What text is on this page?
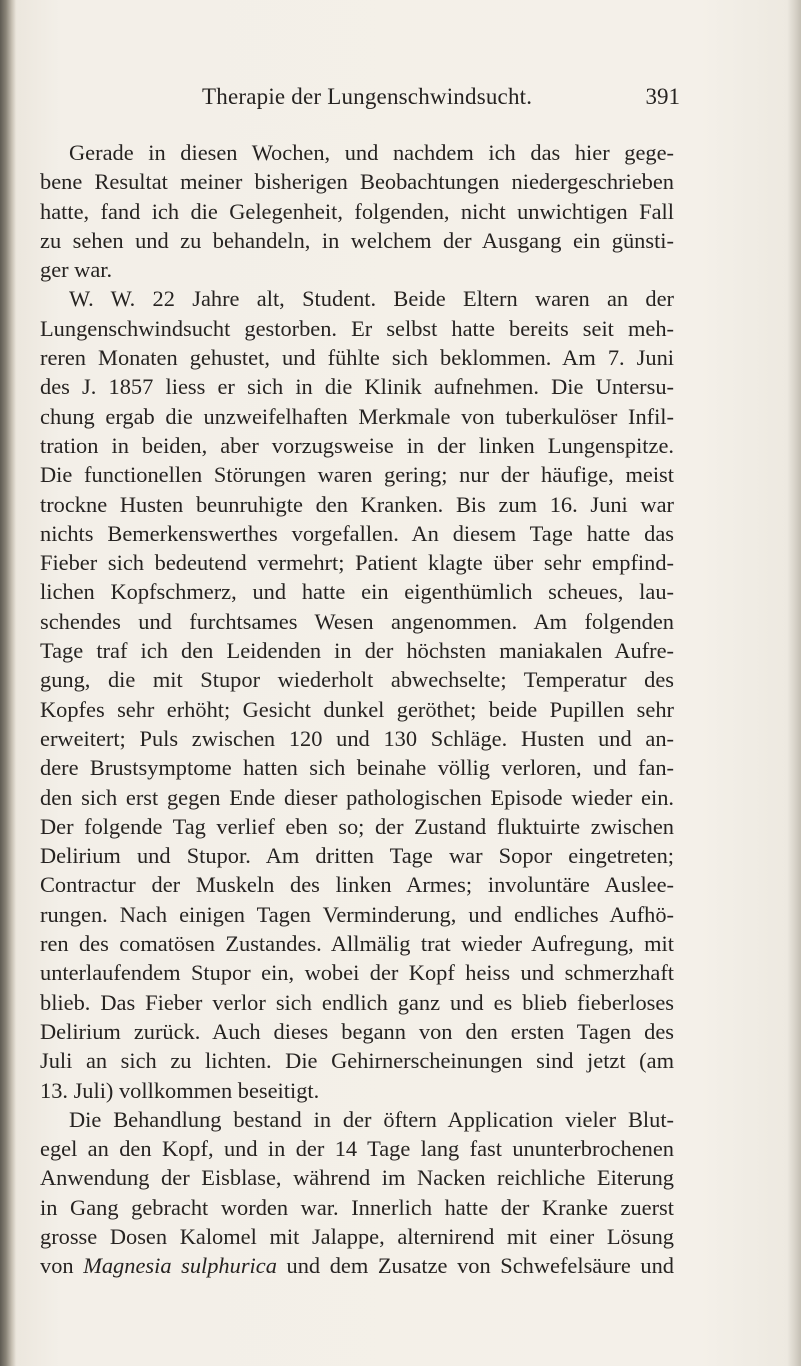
Therapie der Lungenschwindsucht.	391
Gerade in diesen Wochen, und nachdem ich das hier gege-
bene Resultat meiner bisherigen Beobachtungen niedergeschrieben
hatte, fand ich die Gelegenheit, folgenden, nicht unwichtigen Fall
zu sehen und zu behandeln, in welchem der Ausgang ein günsti-
ger war.
W. W. 22 Jahre alt, Student. Beide Eltern waren an der
Lungenschwindsucht gestorben. Er selbst hatte bereits seit meh-
reren Monaten gehustet, und fühlte sich beklommen. Am 7. Juni
des J. 1857 liess er sich in die Klinik aufnehmen. Die Untersu-
chung ergab die unzweifelhaften Merkmale von tuberkulöser Infil-
tration in beiden, aber vorzugsweise in der linken Lungenspitze.
Die functionellen Störungen waren gering; nur der häufige, meist
trockne Husten beunruhigte den Kranken. Bis zum 16. Juni war
nichts Bemerkenswerthes vorgefallen. An diesem Tage hatte das
Fieber sich bedeutend vermehrt; Patient klagte über sehr empfind-
lichen Kopfschmerz, und hatte ein eigenthümlich scheues, lau-
schendes und furchtsames Wesen angenommen. Am folgenden
Tage traf ich den Leidenden in der höchsten maniakalen Aufre-
gung, die mit Stupor wiederholt abwechselte; Temperatur des
Kopfes sehr erhöht; Gesicht dunkel geröthet; beide Pupillen sehr
erweitert; Puls zwischen 120 und 130 Schläge. Husten und an-
dere Brustsymptome hatten sich beinahe völlig verloren, und fan-
den sich erst gegen Ende dieser pathologischen Episode wieder ein.
Der folgende Tag verlief eben so; der Zustand fluktuirte zwischen
Delirium und Stupor. Am dritten Tage war Sopor eingetreten;
Contractur der Muskeln des linken Armes; involuntäre Auslee-
rungen. Nach einigen Tagen Verminderung, und endliches Aufhö-
ren des comatösen Zustandes. Allmälig trat wieder Aufregung, mit
unterlaufendem Stupor ein, wobei der Kopf heiss und schmerzhaft
blieb. Das Fieber verlor sich endlich ganz und es blieb fieberloses
Delirium zurück. Auch dieses begann von den ersten Tagen des
Juli an sich zu lichten. Die Gehirnerscheinungen sind jetzt (am
13. Juli) vollkommen beseitigt.
Die Behandlung bestand in der öftern Application vieler Blut-
egel an den Kopf, und in der 14 Tage lang fast ununterbrochenen
Anwendung der Eisblase, während im Nacken reichliche Eiterung
in Gang gebracht worden war. Innerlich hatte der Kranke zuerst
grosse Dosen Kalomel mit Jalappe, alternirend mit einer Lösung
von Magnesia sulphurica und dem Zusatze von Schwefelsäure und
